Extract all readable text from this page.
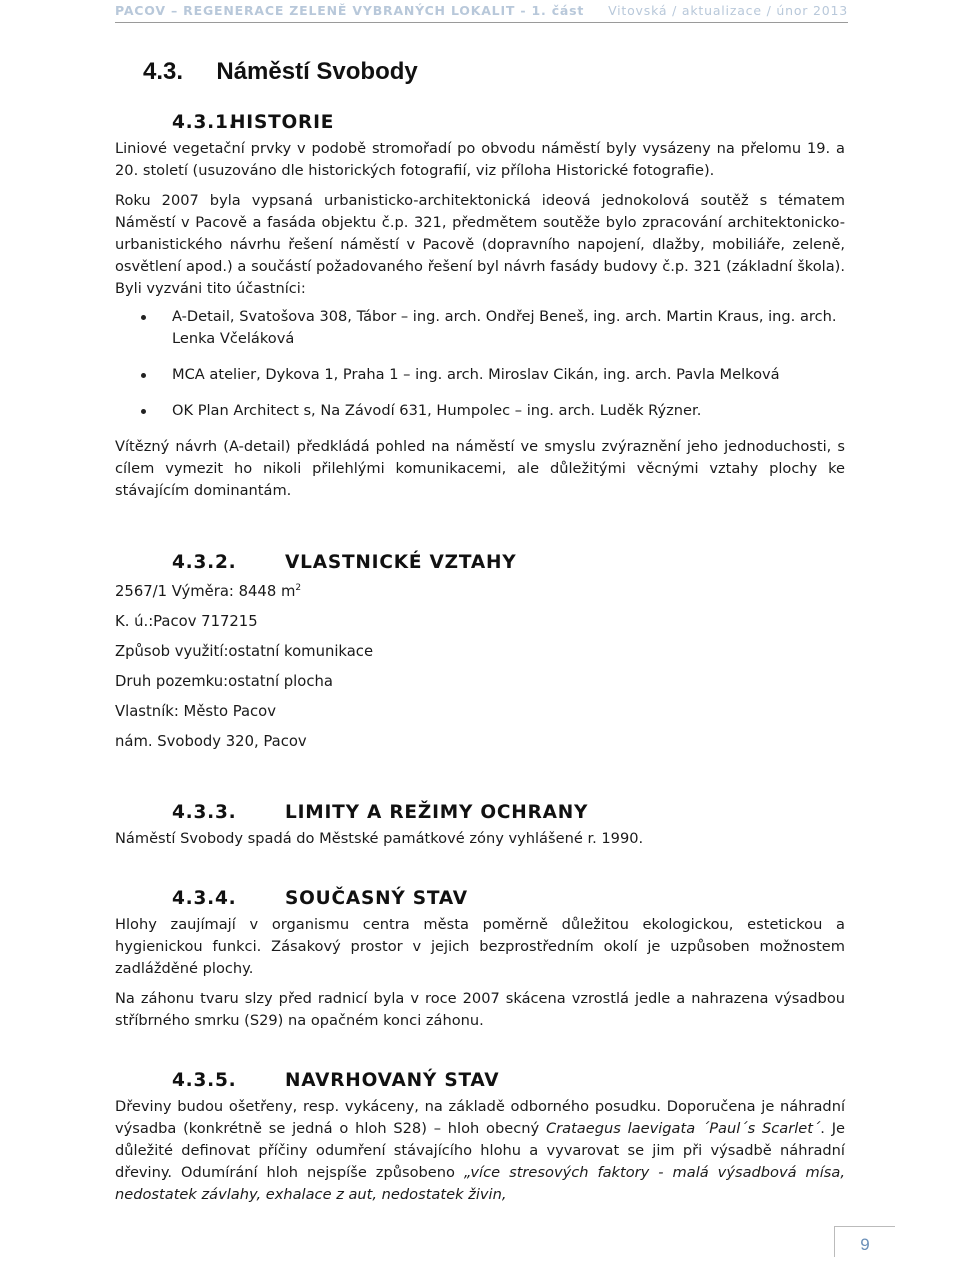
PACOV – REGENERACE ZELENĚ VYBRANÝCH LOKALIT - 1. část Vitovská / aktualizace / únor 2013
4.3. Náměstí Svobody
4.3.1.
HISTORIE

Liniové vegetační prvky v podobě stromořadí po obvodu náměstí byly vysázeny na přelomu 19. a 20. století (usuzováno dle historických fotografií, viz příloha Historické fotografie).

Roku 2007 byla vypsaná urbanisticko-architektonická ideová jednokolová soutěž s tématem Náměstí v Pacově a fasáda objektu č.p. 321, předmětem soutěže bylo zpracování architektonicko-urbanistického návrhu řešení náměstí v Pacově (dopravního napojení, dlažby, mobiliáře, zeleně, osvětlení apod.) a součástí požadovaného řešení byl návrh fasády budovy č.p. 321 (základní škola). Byli vyzváni tito účastníci:

A-Detail, Svatošova 308, Tábor – ing. arch. Ondřej Beneš, ing. arch. Martin Kraus, ing. arch. Lenka Včeláková
MCA atelier, Dykova 1, Praha 1 – ing. arch. Miroslav Cikán, ing. arch. Pavla Melková
OK Plan Architect s, Na Závodí 631, Humpolec – ing. arch. Luděk Rýzner.

Vítězný návrh (A-detail) předkládá pohled na náměstí ve smyslu zvýraznění jeho jednoduchosti, s cílem vymezit ho nikoli přilehlými komunikacemi, ale důležitými věcnými vztahy plochy ke stávajícím dominantám.

4.3.2.	VLASTNICKÉ VZTAHY
2567/1 Výměra: 8448 $m^2$
K. ú.:Pacov 717215
Způsob využití:ostatní komunikace
Druh pozemku:ostatní plocha
Vlastník: Město Pacov
nám. Svobody 320, Pacov
4.3.3.	LIMITY A REŽIMY OCHRANY

Náměstí Svobody spadá do Městské památkové zóny vyhlášené r. 1990.

4.3.4.	SOUČASNÝ STAV

Hlohy zaujímají v organismu centra města poměrně důležitou ekologickou, estetickou a hygienickou funkci. Zásakový prostor v jejich bezprostředním okolí je uzpůsoben možnostem zadlážděné plochy.

Na záhonu tvaru slzy před radnicí byla v roce 2007 skácena vzrostlá jedle a nahrazena výsadbou stříbrného smrku (S29) na opačném konci záhonu.

4.3.5.	NAVRHOVANÝ STAV

Dřeviny budou ošetřeny, resp. vykáceny, na základě odborného posudku. Doporučena je náhradní výsadba (konkrétně se jedná o hloh S28) – hloh obecný Crataegus laevigata ´Paul´s Scarlet´. Je důležité definovat příčiny odumření stávajícího hlohu a vyvarovat se jim při výsadbě náhradní dřeviny. Odumírání hloh nejspíše způsobeno „více stresových faktory - malá výsadbová mísa, nedostatek závlahy, exhalace z aut, nedostatek živin,

9
